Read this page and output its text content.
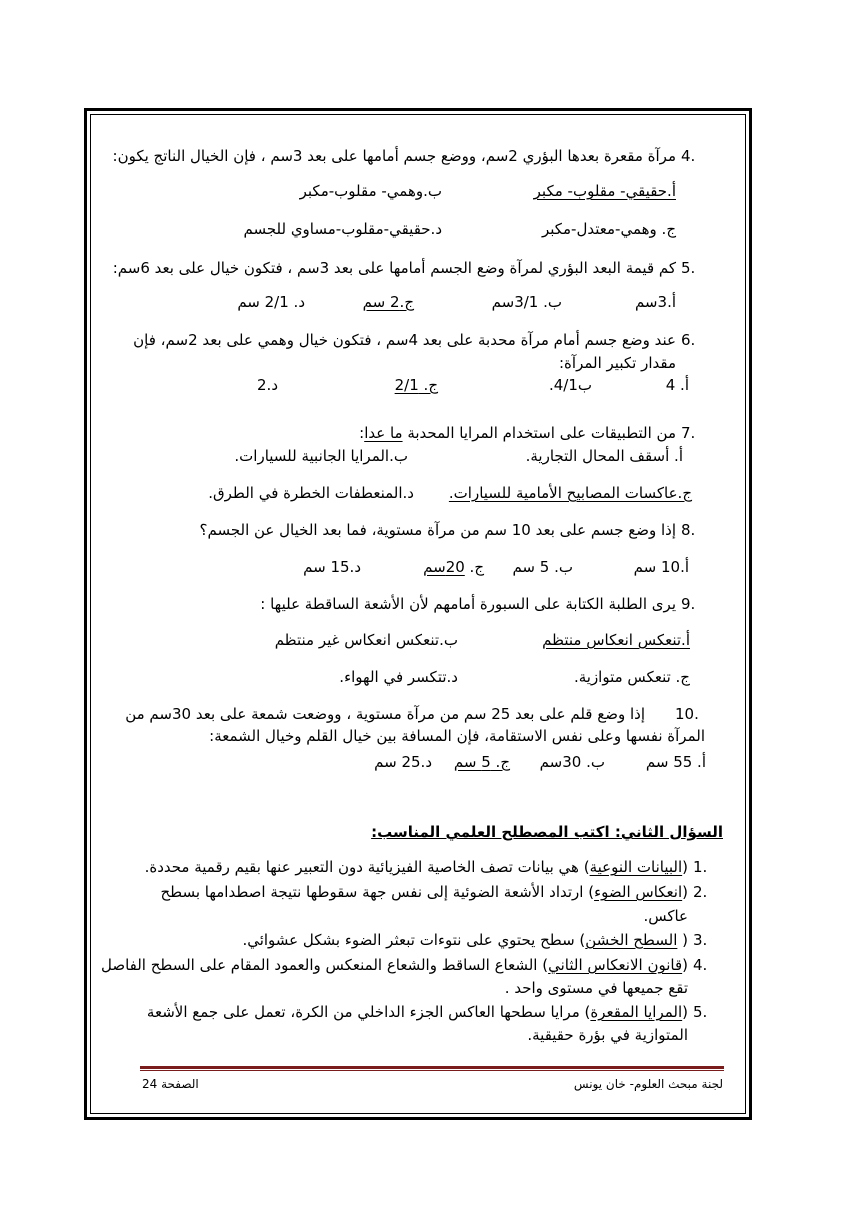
4.
مرآة مقعرة بعدها البؤري 2سم، ووضع جسم أمامها على بعد 3سم ، فإن الخيال الناتج يكون:
أ.حقيقي- مقلوب- مكبر
ب.وهمي- مقلوب-مكبر
ج. وهمي-معتدل-مكبر
د.حقيقي-مقلوب-مساوي للجسم
5.
كم قيمة البعد البؤري لمرآة وضع الجسم أمامها على بعد 3سم ، فتكون خيال على بعد 6سم:
أ.3سم
ب. 3/1سم
ج.2 سم
د. 2/1 سم
6.
عند وضع جسم أمام مرآة محدبة على بعد 4سم ، فتكون خيال وهمي على بعد 2سم، فإن
مقدار تكبير المرآة:
أ. 4
ب4/1.
ج. 2/1
د.2
7.
من التطبيقات على استخدام المرايا المحدبة ما عدا:
أ. أسقف المحال التجارية.
ب.المرايا الجانبية للسيارات.
ج.عاكسات المصابيح الأمامية للسيارات.
د.المنعطفات الخطرة في الطرق.
8.
إذا وضع جسم على بعد 10 سم من مرآة مستوية، فما بعد الخيال عن الجسم؟
أ.10 سم
ب. 5 سم
ج. 20سم
د.15 سم
9.
يرى الطلبة الكتابة على السبورة أمامهم لأن الأشعة الساقطة عليها :
أ.تنعكس انعكاس منتظم
ب.تنعكس انعكاس غير منتظم
ج. تنعكس متوازية.
د.تتكسر في الهواء.
10.
إذا وضع قلم على بعد 25 سم من مرآة مستوية ، ووضعت شمعة على بعد 30سم من
المرآة نفسها وعلى نفس الاستقامة، فإن المسافة بين خيال القلم وخيال الشمعة:
أ. 55 سم
ب. 30سم
ج. 5 سم
د.25 سم
السؤال الثاني: اكتب المصطلح العلمي المناسب:
1.
(البيانات النوعية) هي بيانات تصف الخاصية الفيزيائية دون التعبير عنها بقيم رقمية محددة.
2.
(انعكاس الضوء) ارتداد الأشعة الضوئية إلى نفس جهة سقوطها نتيجة اصطدامها بسطح
عاكس.
3.
( السطح الخشن) سطح يحتوي على نتوءات تبعثر الضوء بشكل عشوائي.
4.
(قانون الانعكاس الثاني) الشعاع الساقط والشعاع المنعكس والعمود المقام على السطح الفاصل
تقع جميعها في مستوى واحد .
5.
(المرايا المقعرة) مرايا سطحها العاكس الجزء الداخلي من الكرة، تعمل على جمع الأشعة
المتوازية في بؤرة حقيقية.
الصفحة 24	لجنة مبحث العلوم- خان يونس
